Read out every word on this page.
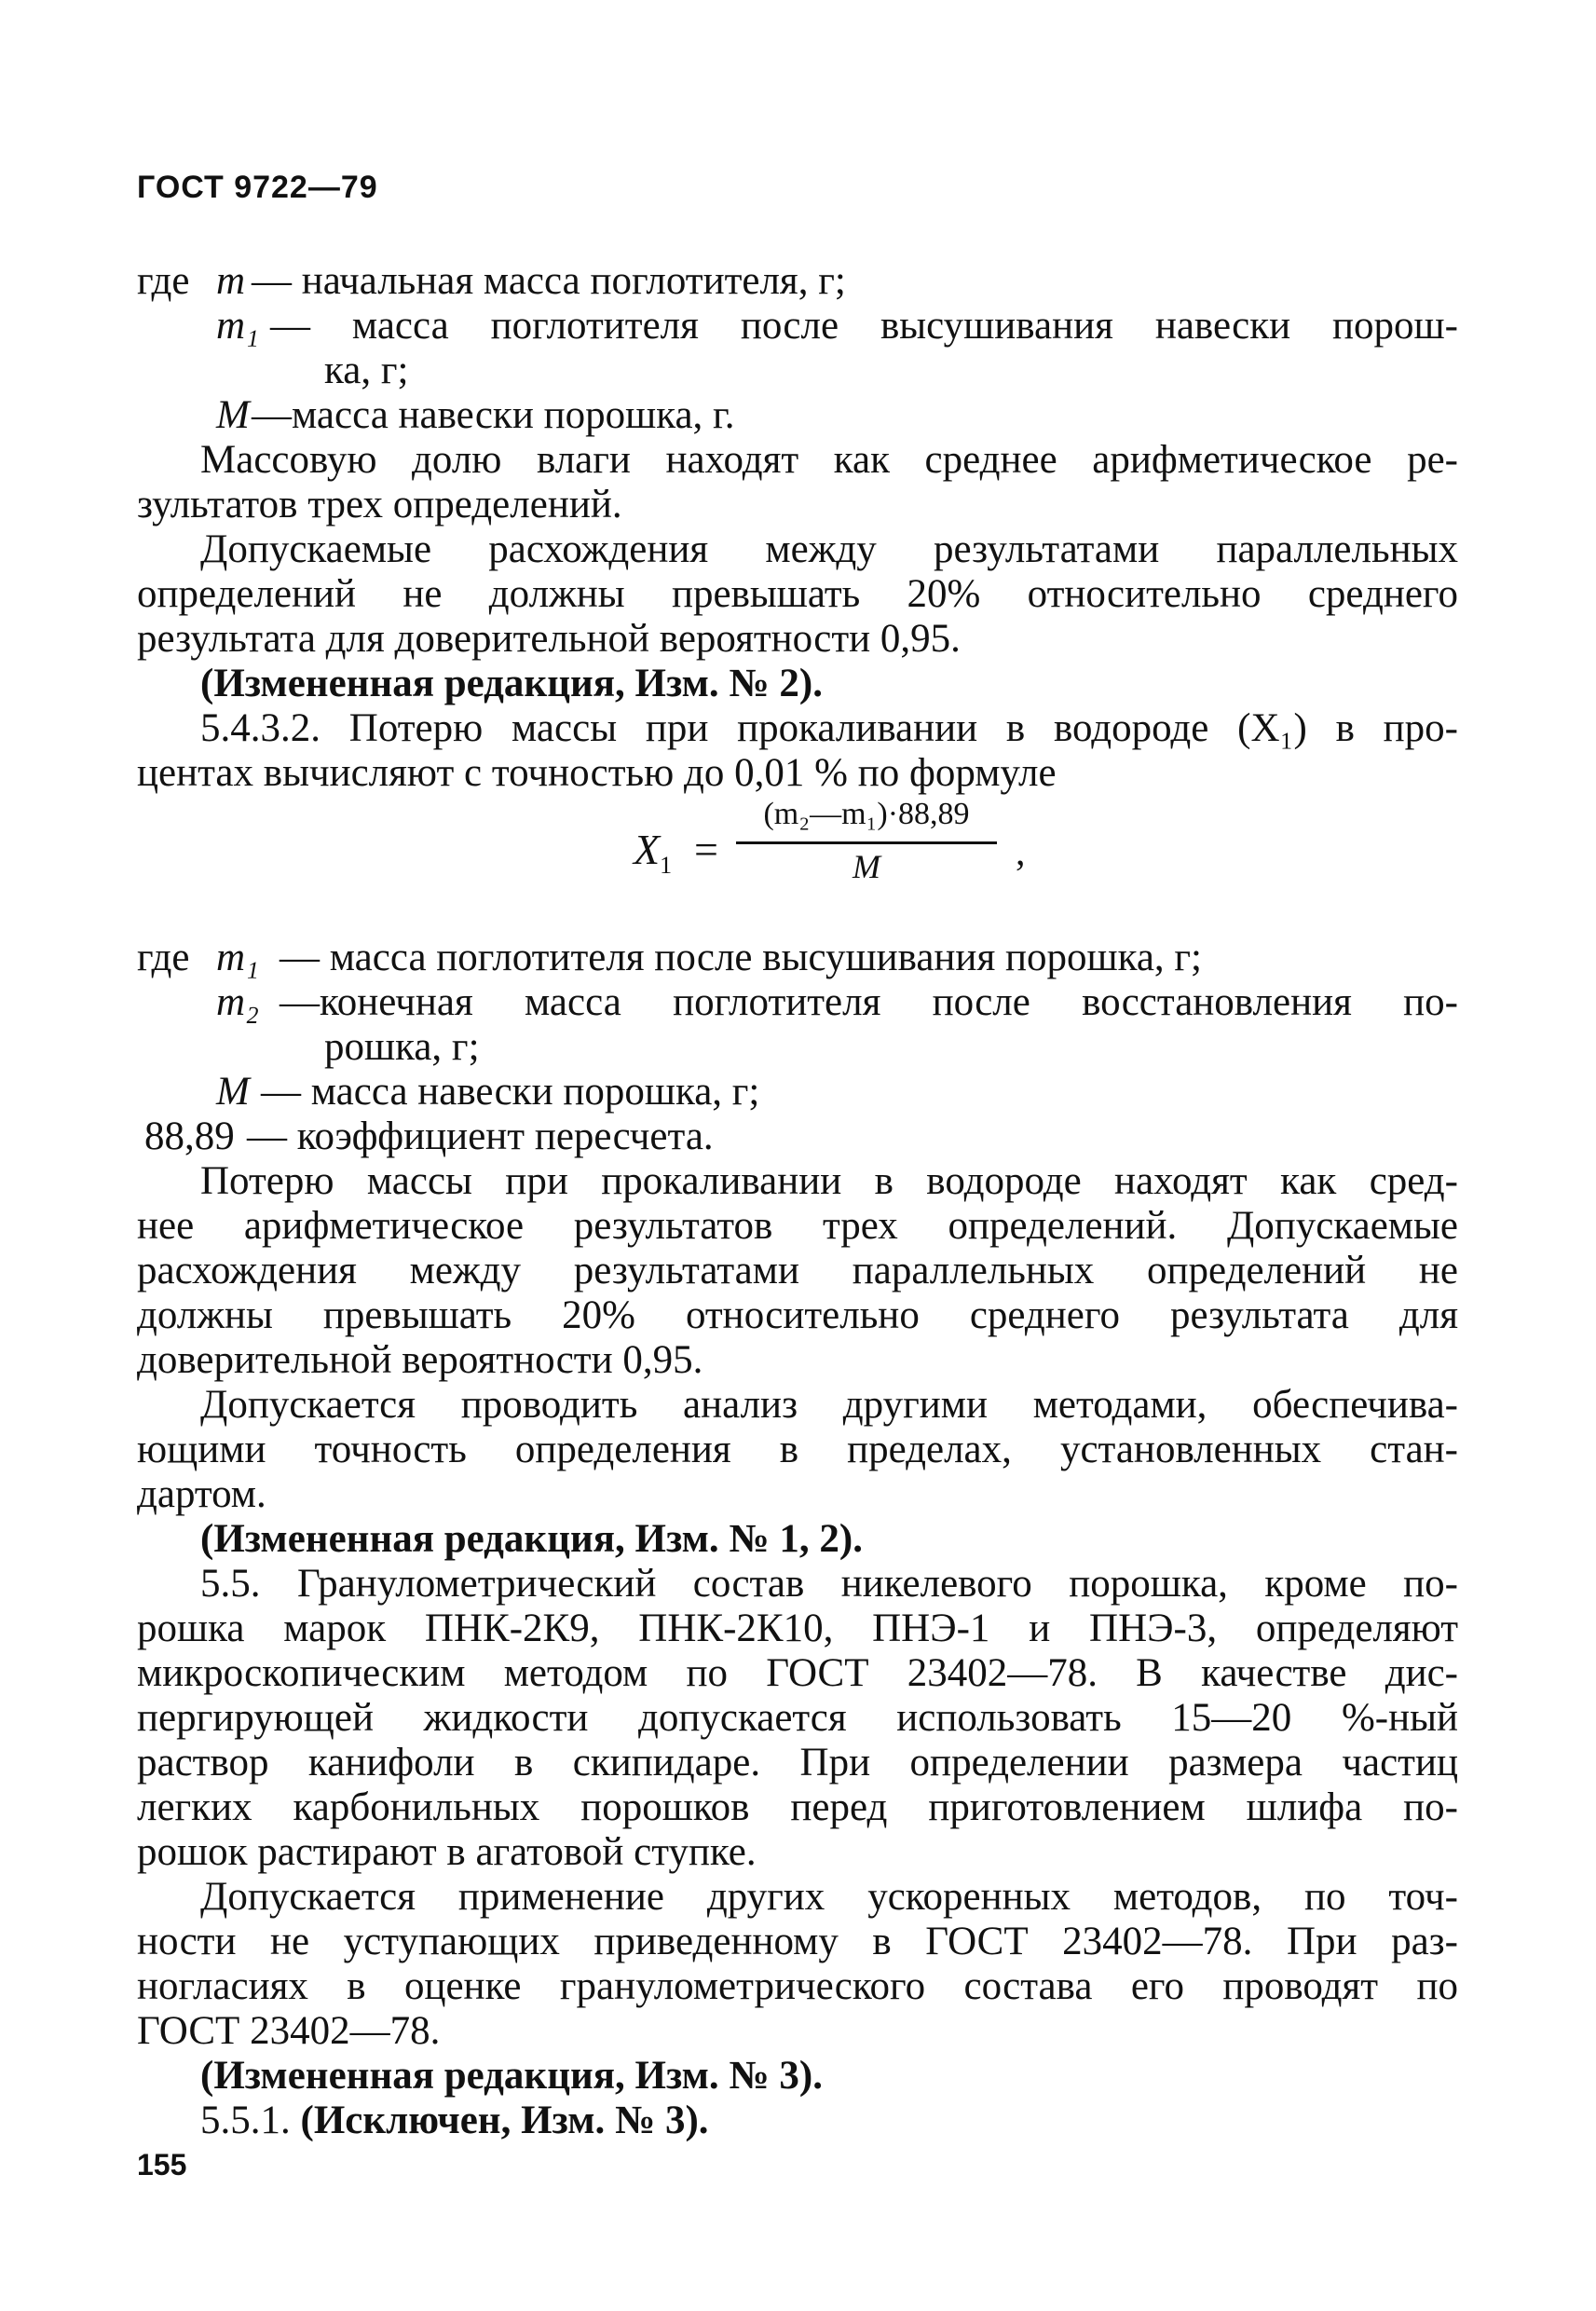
ГОСТ 9722—79
где m — начальная масса поглотителя, г;
m₁ — масса поглотителя после высушивания навески порош-
ка, г;
M —масса навески порошка, г.
Массовую долю влаги находят как среднее арифметическое ре-
зультатов трех определений.
Допускаемые расхождения между результатами параллельных
определений не должны превышать 20% относительно среднего
результата для доверительной вероятности 0,95.
(Измененная редакция, Изм. № 2).
5.4.3.2. Потерю массы при прокаливании в водороде (X₁) в про-
центах вычисляют с точностью до 0,01 % по формуле
$X_1$ =
(m₂—m₁)·88,89
M	,
где m₁ — масса поглотителя после высушивания порошка, г;
m₂ —конечная масса поглотителя после восстановления по-
рошка, г;
M — масса навески порошка, г;
88,89 — коэффициент пересчета.
Потерю массы при прокаливании в водороде находят как сред-
нее арифметическое результатов трех определений. Допускаемые
расхождения между результатами параллельных определений не
должны превышать 20% относительно среднего результата для
доверительной вероятности 0,95.
Допускается проводить анализ другими методами, обеспечива-
ющими точность определения в пределах, установленных стан-
дартом.
(Измененная редакция, Изм. № 1, 2).
5.5. Гранулометрический состав никелевого порошка, кроме по-
рошка марок ПНК-2К9, ПНК-2К10, ПНЭ-1 и ПНЭ-3, определяют
микроскопическим методом по ГОСТ 23402—78. В качестве дис-
пергирующей жидкости допускается использовать 15—20 %-ный
раствор канифоли в скипидаре. При определении размера частиц
легких карбонильных порошков перед приготовлением шлифа по-
рошок растирают в агатовой ступке.
Допускается применение других ускоренных методов, по точ-
ности не уступающих приведенному в ГОСТ 23402—78. При раз-
ногласиях в оценке гранулометрического состава его проводят по
ГОСТ 23402—78.
(Измененная редакция, Изм. № 3).
5.5.1. (Исключен, Изм. № 3).
155
